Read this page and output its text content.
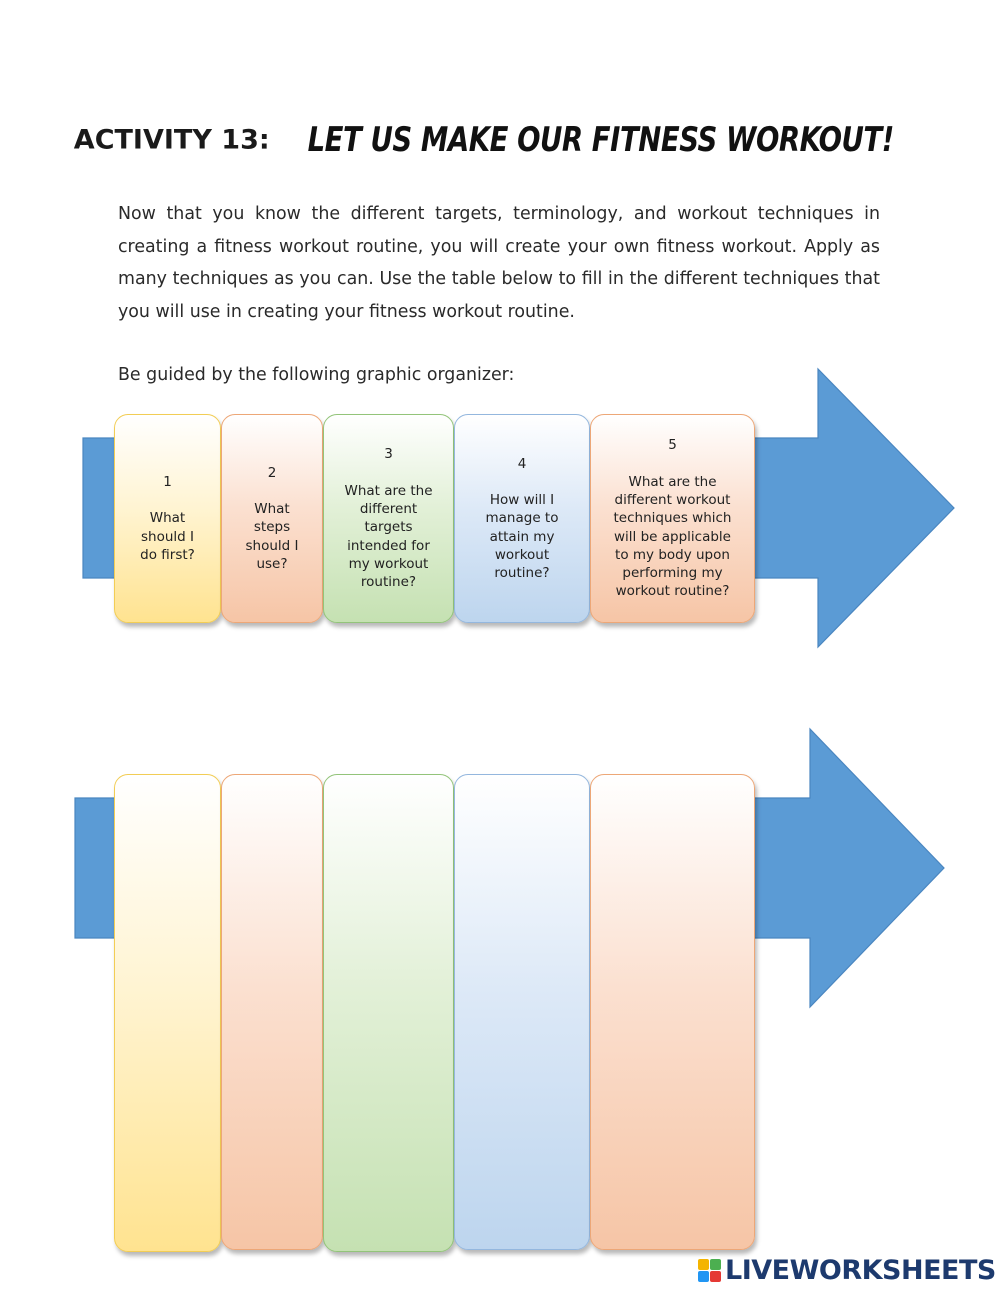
ACTIVITY 13: LET US MAKE OUR FITNESS WORKOUT!

Now that you know the different targets, terminology, and workout techniques in creating a fitness workout routine, you will create your own fitness workout. Apply as many techniques as you can. Use the table below to fill in the different techniques that you will use in creating your fitness workout routine.

Be guided by the following graphic organizer:

1
What should I do first?
2
What steps should I use?
3
What are the different targets intended for my workout routine?
4
How will I manage to attain my workout routine?
5
What are the different workout techniques which will be applicable to my body upon performing my workout routine?
LIVEWORKSHEETS
